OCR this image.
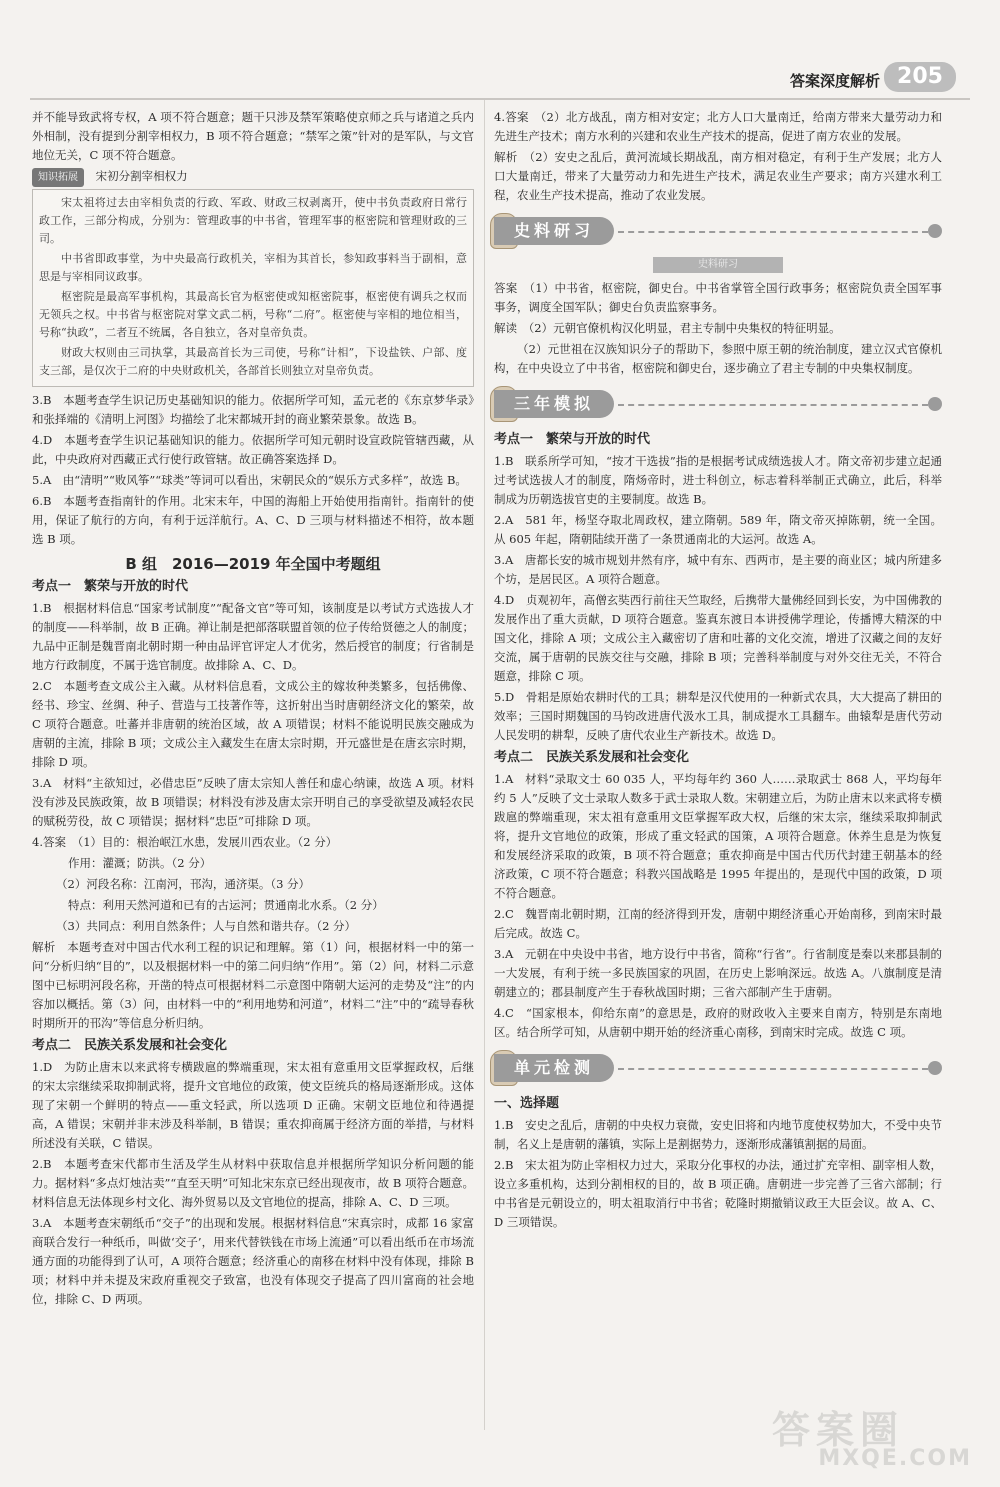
答案深度解析 205

并不能导致武将专权，A 项不符合题意；题干只涉及禁军策略使京师之兵与诸道之兵内外相制，没有提到分割宰相权力，B 项不符合题意；“禁军之策”针对的是军队，与文官地位无关，C 项不符合题意。

知识拓展 宋初分割宰相权力

宋太祖将过去由宰相负责的行政、军政、财政三权剥离开，使中书负责政府日常行政工作，三部分构成，分别为：管理政事的中书省，管理军事的枢密院和管理财政的三司。

中书省即政事堂，为中央最高行政机关，宰相为其首长，参知政事料当于副相，意思是与宰相同议政事。

枢密院是最高军事机构，其最高长官为枢密使或知枢密院事，枢密使有调兵之权而无领兵之权。中书省与枢密院对掌文武二柄，号称“二府”。枢密使与宰相的地位相当，号称“执政”，二者互不统属，各自独立，各对皇帝负责。

财政大权则由三司执掌，其最高首长为三司使，号称“计相”，下设盐铁、户部、度支三部，是仅次于二府的中央财政机关，各部首长则独立对皇帝负责。

3.B　本题考查学生识记历史基础知识的能力。依据所学可知，孟元老的《东京梦华录》和张择端的《清明上河图》均描绘了北宋都城开封的商业繁荣景象。故选 B。

4.D　本题考查学生识记基础知识的能力。依据所学可知元朝时设宣政院管辖西藏，从此，中央政府对西藏正式行使行政管辖。故正确答案选择 D。

5.A　由“清明”“败风筝”“球类”等词可以看出，宋朝民众的“娱乐方式多样”，故选 B。

6.B　本题考查指南针的作用。北宋末年，中国的海船上开始使用指南针。指南针的使用，保证了航行的方向，有利于远洋航行。A、C、D 三项与材料描述不相符，故本题选 B 项。

B 组　2016—2019 年全国中考题组
考点一　繁荣与开放的时代

1.B　根据材料信息“国家考试制度”“配备文官”等可知，该制度是以考试方式选拔人才的制度——科举制，故 B 正确。禅让制是把部落联盟首领的位子传给贤德之人的制度；九品中正制是魏晋南北朝时期一种由品评官评定人才优劣，然后授官的制度；行省制是地方行政制度，不属于选官制度。故排除 A、C、D。

2.C　本题考查文成公主入藏。从材料信息看，文成公主的嫁妆种类繁多，包括佛像、经书、珍宝、丝绸、种子、营造与工技著作等，这折射出当时唐朝经济文化的繁荣，故 C 项符合题意。吐蕃并非唐朝的统治区域，故 A 项错误；材料不能说明民族交融成为唐朝的主流，排除 B 项；文成公主入藏发生在唐太宗时期，开元盛世是在唐玄宗时期，排除 D 项。

3.A　材料“主欲知过，必借忠臣”反映了唐太宗知人善任和虚心纳谏，故选 A 项。材料没有涉及民族政策，故 B 项错误；材料没有涉及唐太宗开明自己的享受欲望及减轻农民的赋税劳役，故 C 项错误；据材料“忠臣”可排除 D 项。

4.答案　（1）目的：根治岷江水患，发展川西农业。（2 分）

作用：灌溉；防洪。（2 分）

（2）河段名称：江南河，邗沟，通济渠。（3 分）

特点：利用天然河道和已有的古运河；贯通南北水系。（2 分）

（3）共同点：利用自然条件；人与自然和谐共存。（2 分）

解析　本题考查对中国古代水利工程的识记和理解。第（1）问，根据材料一中的第一问“分析归纳“目的”，以及根据材料一中的第二问归纳“作用”。第（2）问，材料二示意图中已标明河段名称，开凿的特点可根据材料二示意图中隋朝大运河的走势及“注”的内容加以概括。第（3）问，由材料一中的“利用地势和河道”，材料二“注”中的“疏导春秋时期所开的邗沟”等信息分析归纳。

考点二　民族关系发展和社会变化

1.D　为防止唐末以来武将专横跋扈的弊端重现，宋太祖有意重用文臣掌握政权，后继的宋太宗继续采取抑制武将，提升文官地位的政策，使文臣统兵的格局逐渐形成。这体现了宋朝一个鲜明的特点——重文轻武，所以选项 D 正确。宋朝文臣地位和待遇提高，A 错误；宋朝并非末涉及科举制，B 错误；重农抑商属于经济方面的举措，与材料所述没有关联，C 错误。

2.B　本题考查宋代都市生活及学生从材料中获取信息并根据所学知识分析问题的能力。据材料“多点灯烛沽卖”“直至天明”可知北宋东京已经出现夜市，故 B 项符合题意。材料信息无法体现乡村文化、海外贸易以及文官地位的提高，排除 A、C、D 三项。

3.A　本题考查宋朝纸币“交子”的出现和发展。根据材料信息“宋真宗时，成都 16 家富商联合发行一种纸币，叫做‘交子’，用来代替铁钱在市场上流通”可以看出纸币在市场流通方面的功能得到了认可，A 项符合题意；经济重心的南移在材料中没有体现，排除 B 项；材料中并未提及宋政府重视交子致富，也没有体现交子提高了四川富商的社会地位，排除 C、D 两项。

4.答案　（2）北方战乱，南方相对安定；北方人口大量南迁，给南方带来大量劳动力和先进生产技术；南方水利的兴建和农业生产技术的提高，促进了南方农业的发展。

解析　（2）安史之乱后，黄河流域长期战乱，南方相对稳定，有利于生产发展；北方人口大量南迁，带来了大量劳动力和先进生产技术，满足农业生产要求；南方兴建水利工程，农业生产技术提高，推动了农业发展。

史料研习
史料研习

答案　（1）中书省，枢密院，御史台。中书省掌管全国行政事务；枢密院负责全国军事事务，调度全国军队；御史台负责监察事务。

解读　（2）元朝官僚机构汉化明显，君主专制中央集权的特征明显。

（2）元世祖在汉族知识分子的帮助下，参照中原王朝的统治制度，建立汉式官僚机构，在中央设立了中书省，枢密院和御史台，逐步确立了君主专制的中央集权制度。

三年模拟
考点一　繁荣与开放的时代

1.B　联系所学可知，“按才干选拔”指的是根据考试成绩选拔人才。隋文帝初步建立起通过考试选拔人才的制度，隋炀帝时，进士科创立，标志着科举制正式确立，此后，科举制成为历朝选拔官吏的主要制度。故选 B。

2.A　581 年，杨坚夺取北周政权，建立隋朝。589 年，隋文帝灭掉陈朝，统一全国。从 605 年起，隋朝陆续开凿了一条贯通南北的大运河。故选 A。

3.A　唐都长安的城市规划井然有序，城中有东、西两市，是主要的商业区；城内所建多个坊，是居民区。A 项符合题意。

4.D　贞观初年，高僧玄奘西行前往天竺取经，后携带大量佛经回到长安，为中国佛教的发展作出了重大贡献，D 项符合题意。鉴真东渡日本讲授佛学理论，传播博大精深的中国文化，排除 A 项；文成公主入藏密切了唐和吐蕃的文化交流，增进了汉藏之间的友好交流，属于唐朝的民族交往与交融，排除 B 项；完善科举制度与对外交往无关，不符合题意，排除 C 项。

5.D　骨耜是原始农耕时代的工具；耕犁是汉代使用的一种新式农具，大大提高了耕田的效率；三国时期魏国的马钧改进唐代汲水工具，制成提水工具翻车。曲辕犁是唐代劳动人民发明的耕犁，反映了唐代农业生产新技术。故选 D。

考点二　民族关系发展和社会变化

1.A　材料“录取文士 60 035 人，平均每年约 360 人……录取武士 868 人，平均每年约 5 人”反映了文士录取人数多于武士录取人数。宋朝建立后，为防止唐末以来武将专横跋扈的弊端重现，宋太祖有意重用文臣掌握军政大权，后继的宋太宗，继续采取抑制武将，提升文官地位的政策，形成了重文轻武的国策，A 项符合题意。休养生息是为恢复和发展经济采取的政策，B 项不符合题意；重农抑商是中国古代历代封建王朝基本的经济政策，C 项不符合题意；科教兴国战略是 1995 年提出的，是现代中国的政策，D 项不符合题意。

2.C　魏晋南北朝时期，江南的经济得到开发，唐朝中期经济重心开始南移，到南宋时最后完成。故选 C。

3.A　元朝在中央设中书省，地方设行中书省，简称“行省”。行省制度是秦以来郡县制的一大发展，有利于统一多民族国家的巩固，在历史上影响深远。故选 A。八旗制度是清朝建立的；郡县制度产生于春秋战国时期；三省六部制产生于唐朝。

4.C　“国家根本，仰给东南”的意思是，政府的财政收入主要来自南方，特别是东南地区。结合所学可知，从唐朝中期开始的经济重心南移，到南宋时完成。故选 C 项。

单元检测
一、选择题

1.B　安史之乱后，唐朝的中央权力衰微，安史旧将和内地节度使权势加大，不受中央节制，名义上是唐朝的藩镇，实际上是割据势力，逐渐形成藩镇割据的局面。

2.B　宋太祖为防止宰相权力过大，采取分化事权的办法，通过扩充宰相、副宰相人数，设立多重机构，达到分割相权的目的，故 B 项正确。唐朝进一步完善了三省六部制；行中书省是元朝设立的，明太祖取消行中书省；乾隆时期撤销议政王大臣会议。故 A、C、D 三项错误。

答案圈
MXQE.COM
